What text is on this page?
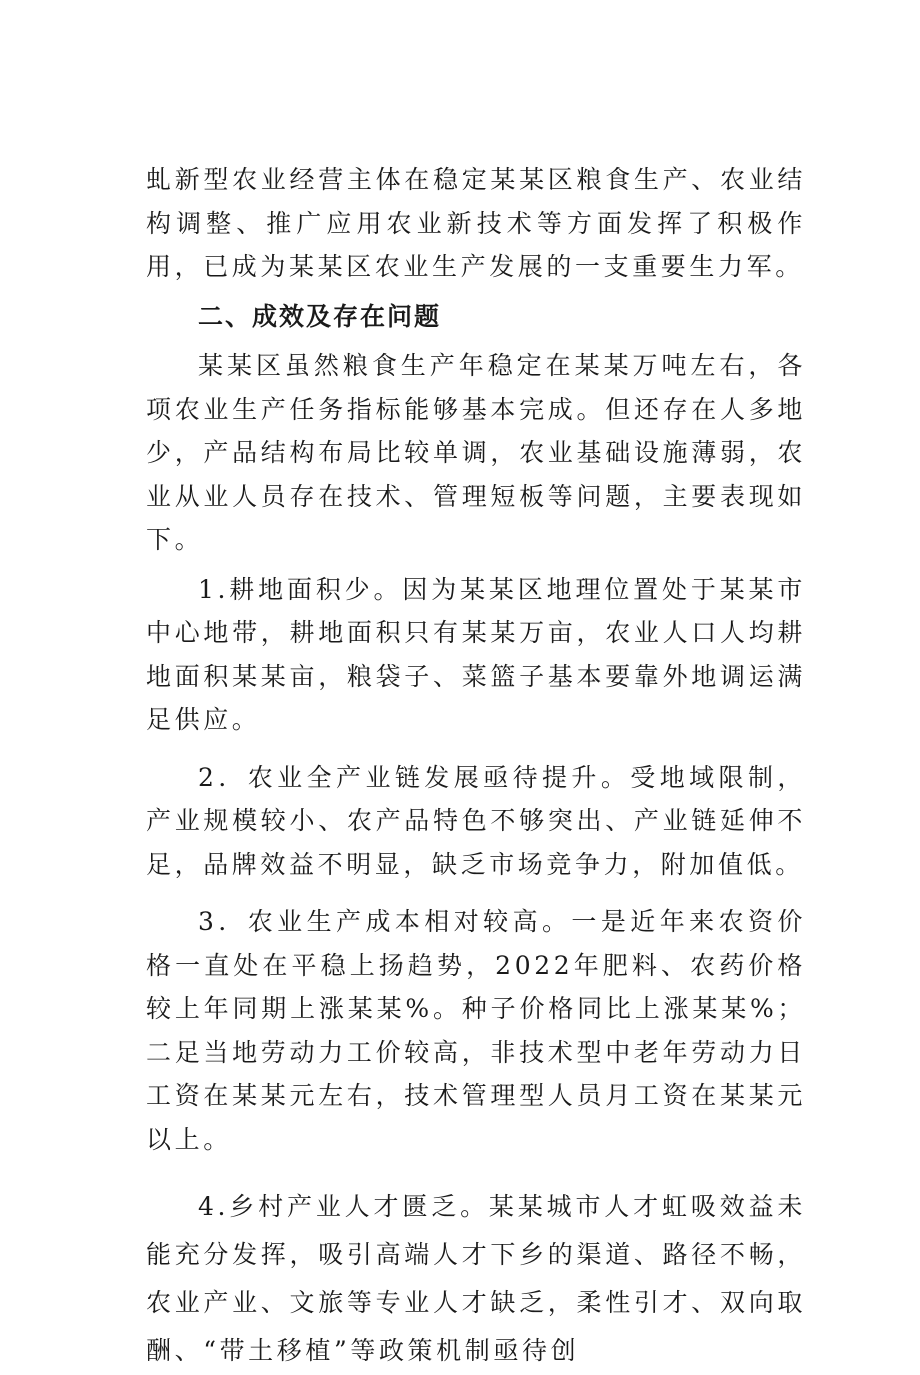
虬新型农业经营主体在稳定某某区粮食生产、农业结构调整、推广应用农业新技术等方面发挥了积极作用，已成为某某区农业生产发展的一支重要生力军。

二、成效及存在问题

某某区虽然粮食生产年稳定在某某万吨左右，各项农业生产任务指标能够基本完成。但还存在人多地少，产品结构布局比较单调，农业基础设施薄弱，农业从业人员存在技术、管理短板等问题，主要表现如下。

1.耕地面积少。因为某某区地理位置处于某某市中心地带，耕地面积只有某某万亩，农业人口人均耕地面积某某亩，粮袋子、菜篮子基本要靠外地调运满足供应。

2．农业全产业链发展亟待提升。受地域限制，产业规模较小、农产品特色不够突出、产业链延伸不足，品牌效益不明显，缺乏市场竞争力，附加值低。

3．农业生产成本相对较高。一是近年来农资价格一直处在平稳上扬趋势，2022年肥料、农药价格较上年同期上涨某某%。种子价格同比上涨某某%；二足当地劳动力工价较高，非技术型中老年劳动力日工资在某某元左右，技术管理型人员月工资在某某元以上。

4.乡村产业人才匮乏。某某城市人才虹吸效益未能充分发挥，吸引高端人才下乡的渠道、路径不畅，农业产业、文旅等专业人才缺乏，柔性引才、双向取酬、“带土移植”等政策机制亟待创
